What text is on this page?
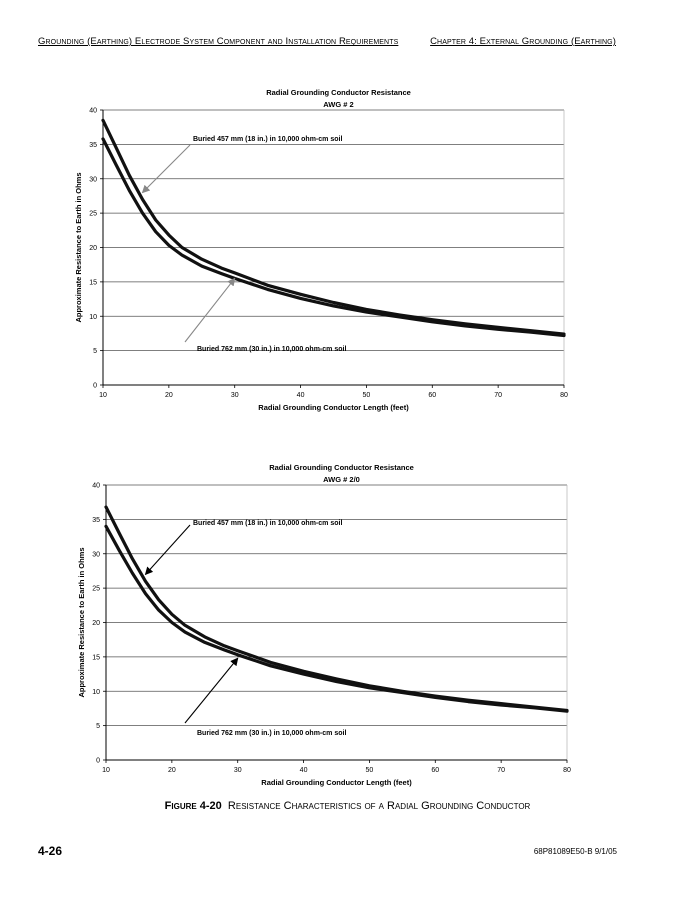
Grounding (Earthing) Electrode System Component and Installation Requirements	Chapter 4: External Grounding (Earthing)
Radial Grounding Conductor Resistance
AWG # 2
0
5
10
15
20
25
30
35
40
10	20	30	40	50	60	70	80
Radial Grounding Conductor Length (feet)
Approximate Resistance to Earth in Ohms
Buried 457 mm (18 in.) in 10,000 ohm-cm soil
Buried 762 mm (30 in.) in 10,000 ohm-cm soil
Radial Grounding Conductor Resistance
AWG # 2/0
0
5
10
15
20
25
30
35
40
10	20	30	40	50	60	70	80
Radial Grounding Conductor Length (feet)
Approximate Resistance to Earth in Ohms
Buried 457 mm (18 in.) in 10,000 ohm-cm soil
Buried 762 mm (30 in.) in 10,000 ohm-cm soil
Figure 4-20 Resistance Characteristics of a Radial Grounding Conductor
4-26	68P81089E50-B 9/1/05
